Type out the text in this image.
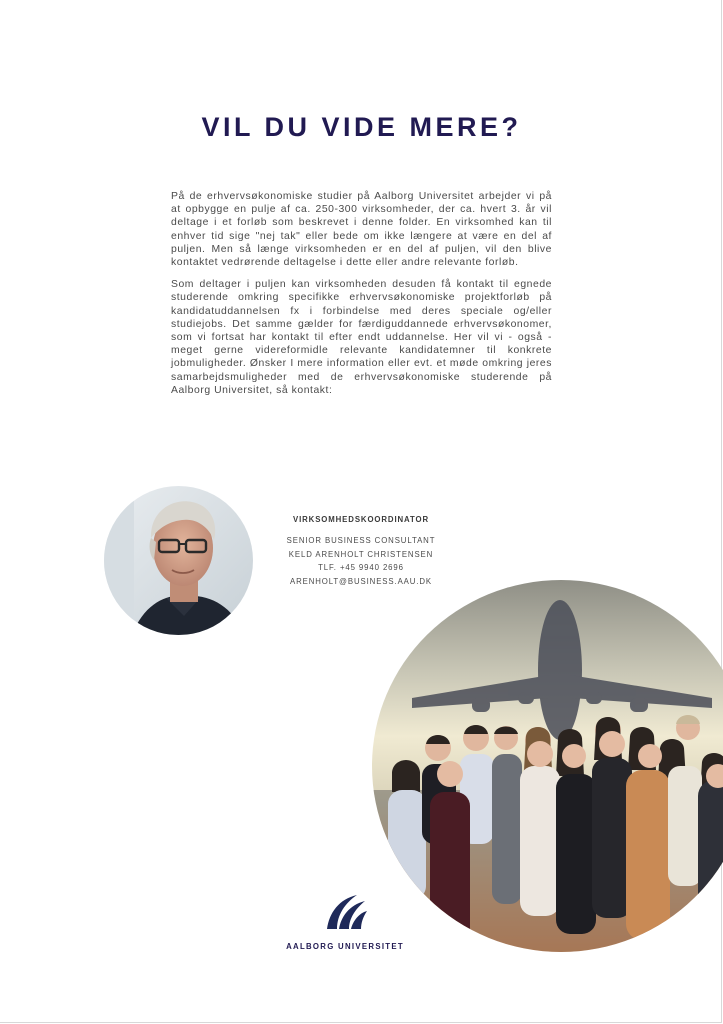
VIL DU VIDE MERE?

På de erhvervsøkonomiske studier på Aalborg Universitet arbejder vi på at opbygge en pulje af ca. 250-300 virksomheder, der ca. hvert 3. år vil deltage i et forløb som beskrevet i denne folder. En virksomhed kan til enhver tid sige "nej tak" eller bede om ikke længere at være en del af puljen. Men så længe virksomheden er en del af puljen, vil den blive kontaktet vedrørende deltagelse i dette eller andre relevante forløb.

Som deltager i puljen kan virksomheden desuden få kontakt til egnede studerende omkring specifikke erhvervsøkonomiske projektforløb på kandidatuddannelsen fx i forbindelse med deres speciale og/eller studiejobs. Det samme gælder for færdiguddannede erhvervsøkonomer, som vi fortsat har kontakt til efter endt uddannelse. Her vil vi - også - meget gerne videreformidle relevante kandidatemner til konkrete jobmuligheder. Ønsker I mere information eller evt. et møde omkring jeres samarbejdsmuligheder med de erhvervsøkonomiske studerende på Aalborg Universitet, så kontakt:

VIRKSOMHEDSKOORDINATOR
SENIOR BUSINESS CONSULTANT
KELD ARENHOLT CHRISTENSEN
TLF. +45 9940 2696
ARENHOLT@BUSINESS.AAU.DK
AALBORG UNIVERSITET
